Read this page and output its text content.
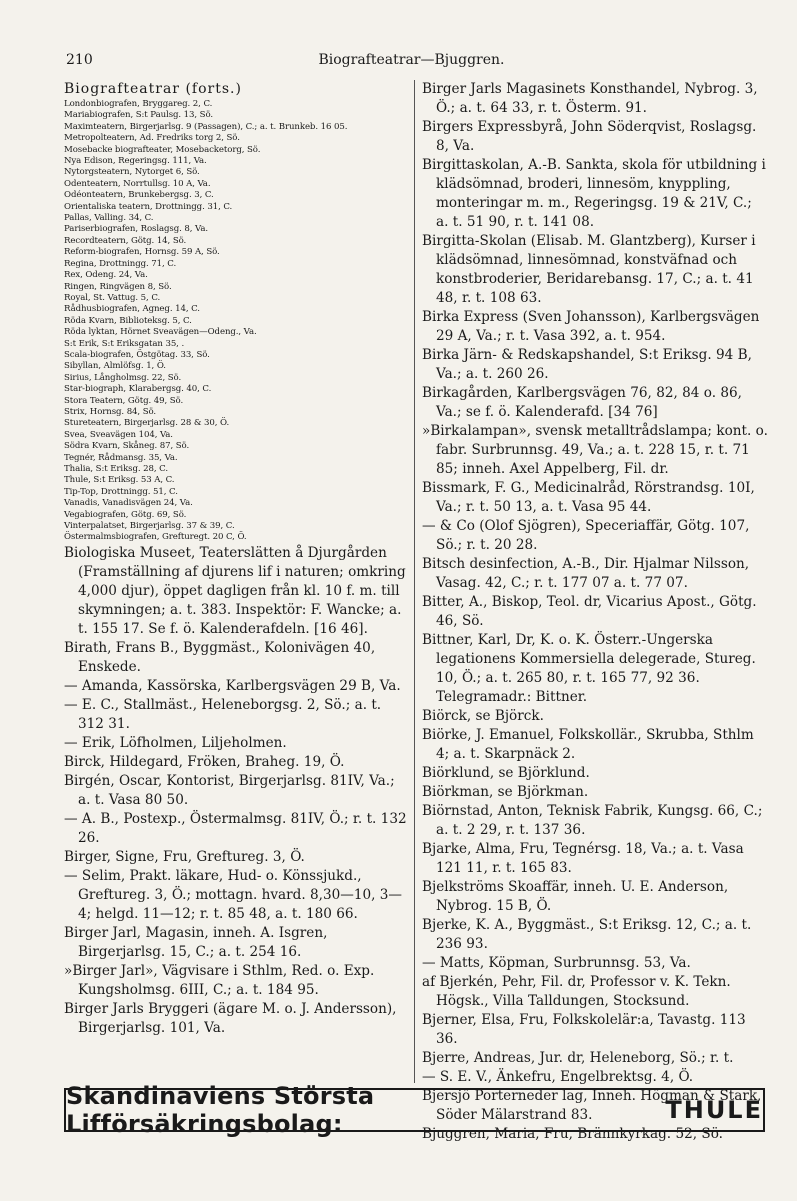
210	Biografteatrar—Bjuggren.

Biografteatrar (forts.)

Londonbiografen, Bryggareg. 2, C.

Mariabiografen, S:t Paulsg. 13, Sö.

Maximteatern, Birgerjarlsg. 9 (Passagen), C.; a. t. Brunkeb. 16 05.

Metropolteatern, Ad. Fredriks torg 2, Sö.

Mosebacke biografteater, Mosebacketorg, Sö.

Nya Edison, Regeringsg. 111, Va.

Nytorgsteatern, Nytorget 6, Sö.

Odenteatern, Norrtullsg. 10 A, Va.

Odéonteatern, Brunkebergsg. 3, C.

Orientaliska teatern, Drottningg. 31, C.

Pallas, Valling. 34, C.

Pariserbiografen, Roslagsg. 8, Va.

Recordteatern, Götg. 14, Sö.

Reform-biografen, Hornsg. 59 A, Sö.

Regina, Drottningg. 71, C.

Rex, Odeng. 24, Va.

Ringen, Ringvägen 8, Sö.

Royal, St. Vattug. 5, C.

Rådhusbiografen, Agneg. 14, C.

Röda Kvarn, Biblioteksg. 5, C.

Röda lyktan, Hörnet Sveavägen—Odeng., Va.

S:t Erik, S:t Eriksgatan 35, .

Scala-biografen, Östgötag. 33, Sö.

Sibyllan, Almlöfsg. 1, Ö.

Sirius, Långholmsg. 22, Sö.

Star-biograph, Klarabergsg. 40, C.

Stora Teatern, Götg. 49, Sö.

Strix, Hornsg. 84, Sö.

Stureteatern, Birgerjarlsg. 28 & 30, Ö.

Svea, Sveavägen 104, Va.

Södra Kvarn, Skåneg. 87, Sö.

Tegnér, Rådmansg. 35, Va.

Thalia, S:t Eriksg. 28, C.

Thule, S:t Eriksg. 53 A, C.

Tip-Top, Drottningg. 51, C.

Vanadis, Vanadisvägen 24, Va.

Vegabiografen, Götg. 69, Sö.

Vinterpalatset, Birgerjarlsg. 37 & 39, C.

Östermalmsbiografen, Grefturegt. 20 C, Ö.

Biologiska Museet, Teaterslätten å Djurgården (Framställning af djurens lif i naturen; omkring 4,000 djur), öppet dagligen från kl. 10 f. m. till skymningen; a. t. 383. Inspektör: F. Wancke; a. t. 155 17. Se f. ö. Kalenderafdeln. [16 46].

Birath, Frans B., Byggmäst., Kolonivägen 40, Enskede.

— Amanda, Kassörska, Karlbergsvägen 29 B, Va.

— E. C., Stallmäst., Heleneborgsg. 2, Sö.; a. t. 312 31.

— Erik, Löfholmen, Liljeholmen.

Birck, Hildegard, Fröken, Braheg. 19, Ö.

Birgén, Oscar, Kontorist, Birgerjarlsg. 81IV, Va.; a. t. Vasa 80 50.

— A. B., Postexp., Östermalmsg. 81IV, Ö.; r. t. 132 26.

Birger, Signe, Fru, Greftureg. 3, Ö.

— Selim, Prakt. läkare, Hud- o. Könssjukd., Greftureg. 3, Ö.; mottagn. hvard. 8,30—10, 3—4; helgd. 11—12; r. t. 85 48, a. t. 180 66.

Birger Jarl, Magasin, inneh. A. Isgren, Birgerjarlsg. 15, C.; a. t. 254 16.

»Birger Jarl», Vägvisare i Sthlm, Red. o. Exp. Kungsholmsg. 6III, C.; a. t. 184 95.

Birger Jarls Bryggeri (ägare M. o. J. Andersson), Birgerjarlsg. 101, Va.

Birger Jarls Magasinets Konsthandel, Nybrog. 3, Ö.; a. t. 64 33, r. t. Österm. 91.

Birgers Expressbyrå, John Söderqvist, Roslagsg. 8, Va.

Birgittaskolan, A.-B. Sankta, skola för utbildning i klädsömnad, broderi, linnesöm, knyppling, monteringar m. m., Regeringsg. 19 & 21V, C.; a. t. 51 90, r. t. 141 08.

Birgitta-Skolan (Elisab. M. Glantzberg), Kurser i klädsömnad, linnesömnad, konstväfnad och konstbroderier, Beridarebansg. 17, C.; a. t. 41 48, r. t. 108 63.

Birka Express (Sven Johansson), Karlbergsvägen 29 A, Va.; r. t. Vasa 392, a. t. 954.

Birka Järn- & Redskapshandel, S:t Eriksg. 94 B, Va.; a. t. 260 26.

Birkagården, Karlbergsvägen 76, 82, 84 o. 86, Va.; se f. ö. Kalenderafd. [34 76]

»Birkalampan», svensk metalltrådslampa; kont. o. fabr. Surbrunnsg. 49, Va.; a. t. 228 15, r. t. 71 85; inneh. Axel Appelberg, Fil. dr.

Bissmark, F. G., Medicinalråd, Rörstrandsg. 10I, Va.; r. t. 50 13, a. t. Vasa 95 44.

— & Co (Olof Sjögren), Speceriaffär, Götg. 107, Sö.; r. t. 20 28.

Bitsch desinfection, A.-B., Dir. Hjalmar Nilsson, Vasag. 42, C.; r. t. 177 07 a. t. 77 07.

Bitter, A., Biskop, Teol. dr, Vicarius Apost., Götg. 46, Sö.

Bittner, Karl, Dr, K. o. K. Österr.-Ungerska legationens Kommersiella delegerade, Stureg. 10, Ö.; a. t. 265 80, r. t. 165 77, 92 36. Telegramadr.: Bittner.

Biörck, se Björck.

Biörke, J. Emanuel, Folkskollär., Skrubba, Sthlm 4; a. t. Skarpnäck 2.

Biörklund, se Björklund.

Biörkman, se Björkman.

Biörnstad, Anton, Teknisk Fabrik, Kungsg. 66, C.; a. t. 2 29, r. t. 137 36.

Bjarke, Alma, Fru, Tegnérsg. 18, Va.; a. t. Vasa 121 11, r. t. 165 83.

Bjelkströms Skoaffär, inneh. U. E. Anderson, Nybrog. 15 B, Ö.

Bjerke, K. A., Byggmäst., S:t Eriksg. 12, C.; a. t. 236 93.

— Matts, Köpman, Surbrunnsg. 53, Va.

af Bjerkén, Pehr, Fil. dr, Professor v. K. Tekn. Högsk., Villa Talldungen, Stocksund.

Bjerner, Elsa, Fru, Folkskolelär:a, Tavastg. 113 36.

Bjerre, Andreas, Jur. dr, Heleneborg, Sö.; r. t.

— S. E. V., Änkefru, Engelbrektsg. 4, Ö.

Bjersjö Porterneder lag, Inneh. Högman & Stark, Söder Mälarstrand 83.

Bjuggren, Maria, Fru, Brännkyrkag. 52, Sö.

Skandinaviens Största Lifförsäkringsbolag:	THULE
